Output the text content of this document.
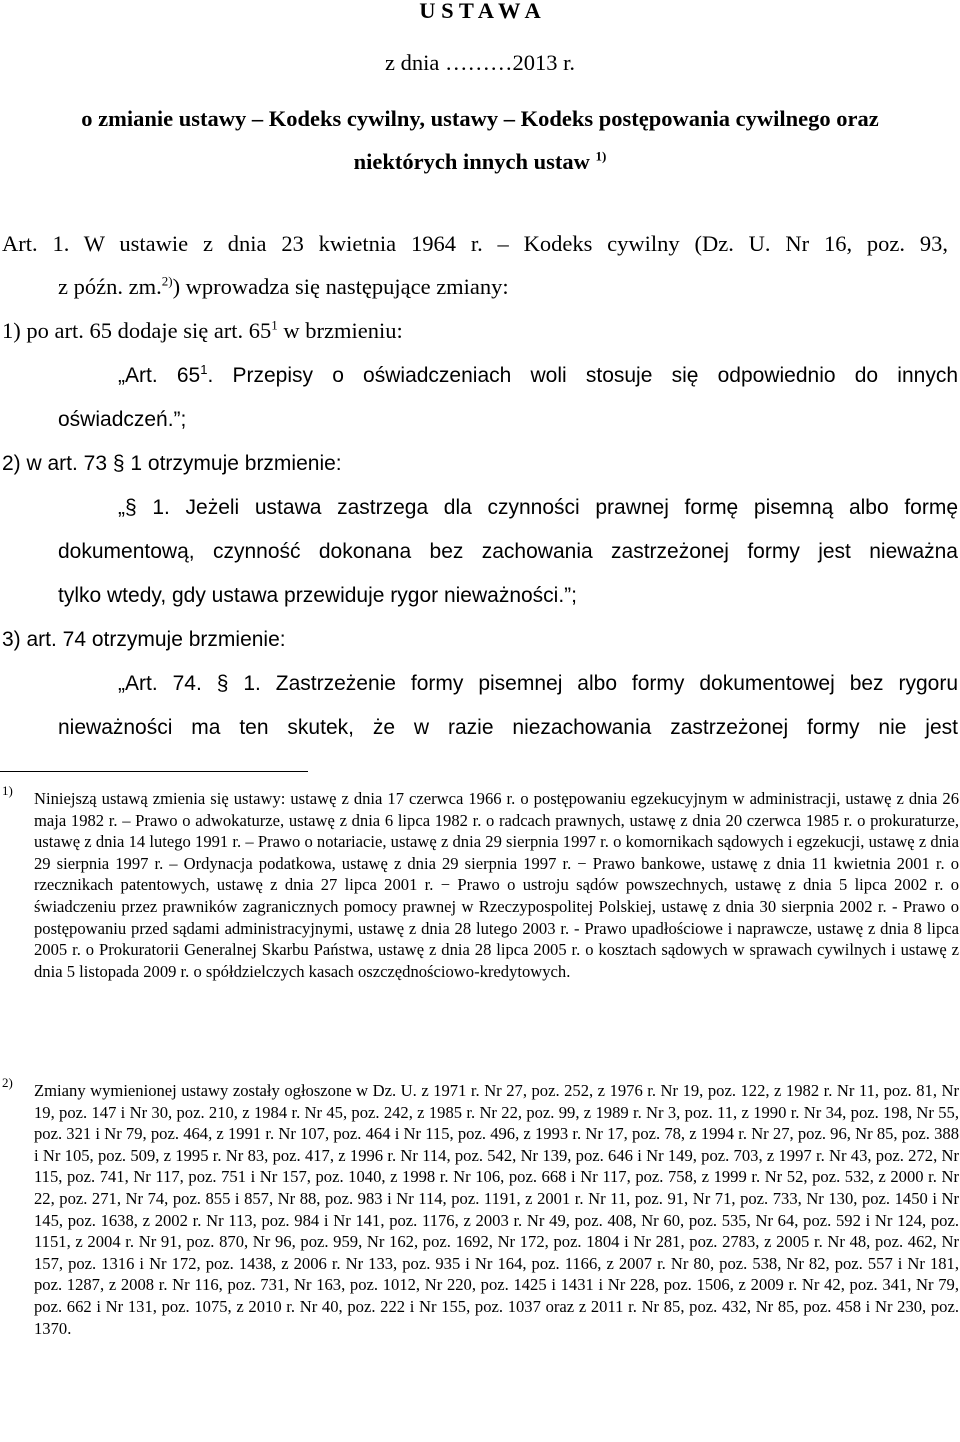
U S T A W A
z dnia ………2013 r.
o zmianie ustawy – Kodeks cywilny, ustawy – Kodeks postępowania cywilnego oraz
niektórych innych ustaw $^{1)}$
Art. 1. W ustawie z dnia 23 kwietnia 1964 r. – Kodeks cywilny (Dz. U. Nr 16, poz. 93,
z późn. zm.$^{2)}$) wprowadza się następujące zmiany:
1) po art. 65 dodaje się art. $65^1$ w brzmieniu:
„Art. $65^1$. Przepisy o oświadczeniach woli stosuje się odpowiednio do innych
oświadczeń.”;
2) w art. 73 § 1 otrzymuje brzmienie:
„§ 1. Jeżeli ustawa zastrzega dla czynności prawnej formę pisemną albo formę
dokumentową, czynność dokonana bez zachowania zastrzeżonej formy jest nieważna
tylko wtedy, gdy ustawa przewiduje rygor nieważności.”;
3) art. 74 otrzymuje brzmienie:
„Art. 74. § 1. Zastrzeżenie formy pisemnej albo formy dokumentowej bez rygoru
nieważności ma ten skutek, że w razie niezachowania zastrzeżonej formy nie jest
1) Niniejszą ustawą zmienia się ustawy: ustawę z dnia 17 czerwca 1966 r. o postępowaniu egzekucyjnym w administracji, ustawę z dnia 26 maja 1982 r. – Prawo o adwokaturze, ustawę z dnia 6 lipca 1982 r. o radcach prawnych, ustawę z dnia 20 czerwca 1985 r. o prokuraturze, ustawę z dnia 14 lutego 1991 r. – Prawo o notariacie, ustawę z dnia 29 sierpnia 1997 r. o komornikach sądowych i egzekucji, ustawę z dnia 29 sierpnia 1997 r. – Ordynacja podatkowa, ustawę z dnia 29 sierpnia 1997 r. − Prawo bankowe, ustawę z dnia 11 kwietnia 2001 r. o rzecznikach patentowych, ustawę z dnia 27 lipca 2001 r. − Prawo o ustroju sądów powszechnych, ustawę z dnia 5 lipca 2002 r. o świadczeniu przez prawników zagranicznych pomocy prawnej w Rzeczypospolitej Polskiej, ustawę z dnia 30 sierpnia 2002 r. - Prawo o postępowaniu przed sądami administracyjnymi, ustawę z dnia 28 lutego 2003 r. - Prawo upadłościowe i naprawcze, ustawę z dnia 8 lipca 2005 r. o Prokuratorii Generalnej Skarbu Państwa, ustawę z dnia 28 lipca 2005 r. o kosztach sądowych w sprawach cywilnych i ustawę z dnia 5 listopada 2009 r. o spółdzielczych kasach oszczędnościowo-kredytowych.
2) Zmiany wymienionej ustawy zostały ogłoszone w Dz. U. z 1971 r. Nr 27, poz. 252, z 1976 r. Nr 19, poz. 122, z 1982 r. Nr 11, poz. 81, Nr 19, poz. 147 i Nr 30, poz. 210, z 1984 r. Nr 45, poz. 242, z 1985 r. Nr 22, poz. 99, z 1989 r. Nr 3, poz. 11, z 1990 r. Nr 34, poz. 198, Nr 55, poz. 321 i Nr 79, poz. 464, z 1991 r. Nr 107, poz. 464 i Nr 115, poz. 496, z 1993 r. Nr 17, poz. 78, z 1994 r. Nr 27, poz. 96, Nr 85, poz. 388 i Nr 105, poz. 509, z 1995 r. Nr 83, poz. 417, z 1996 r. Nr 114, poz. 542, Nr 139, poz. 646 i Nr 149, poz. 703, z 1997 r. Nr 43, poz. 272, Nr 115, poz. 741, Nr 117, poz. 751 i Nr 157, poz. 1040, z 1998 r. Nr 106, poz. 668 i Nr 117, poz. 758, z 1999 r. Nr 52, poz. 532, z 2000 r. Nr 22, poz. 271, Nr 74, poz. 855 i 857, Nr 88, poz. 983 i Nr 114, poz. 1191, z 2001 r. Nr 11, poz. 91, Nr 71, poz. 733, Nr 130, poz. 1450 i Nr 145, poz. 1638, z 2002 r. Nr 113, poz. 984 i Nr 141, poz. 1176, z 2003 r. Nr 49, poz. 408, Nr 60, poz. 535, Nr 64, poz. 592 i Nr 124, poz. 1151, z 2004 r. Nr 91, poz. 870, Nr 96, poz. 959, Nr 162, poz. 1692, Nr 172, poz. 1804 i Nr 281, poz. 2783, z 2005 r. Nr 48, poz. 462, Nr 157, poz. 1316 i Nr 172, poz. 1438, z 2006 r. Nr 133, poz. 935 i Nr 164, poz. 1166, z 2007 r. Nr 80, poz. 538, Nr 82, poz. 557 i Nr 181, poz. 1287, z 2008 r. Nr 116, poz. 731, Nr 163, poz. 1012, Nr 220, poz. 1425 i 1431 i Nr 228, poz. 1506, z 2009 r. Nr 42, poz. 341, Nr 79, poz. 662 i Nr 131, poz. 1075, z 2010 r. Nr 40, poz. 222 i Nr 155, poz. 1037 oraz z 2011 r. Nr 85, poz. 432, Nr 85, poz. 458 i Nr 230, poz. 1370.
